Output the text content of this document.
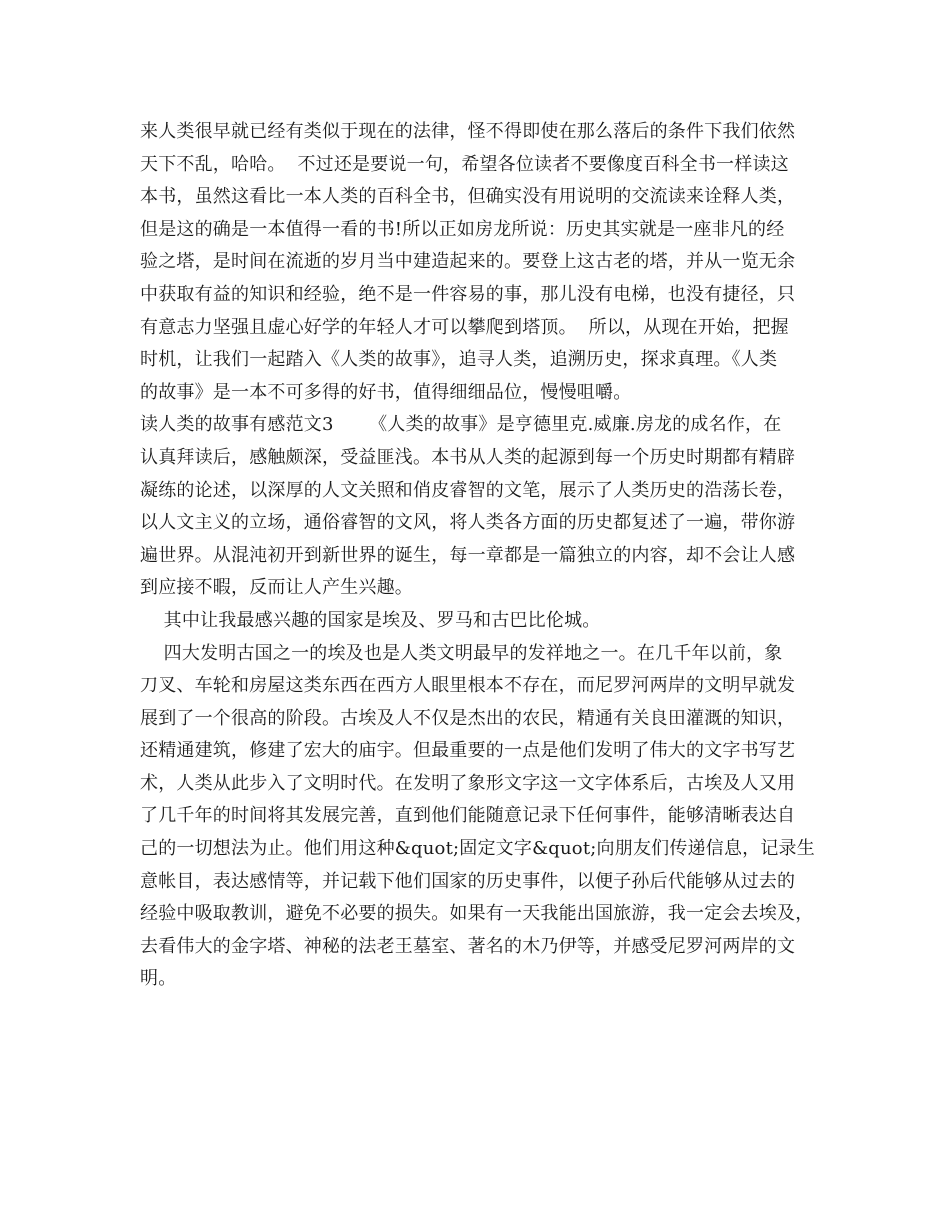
来人类很早就已经有类似于现在的法律，怪不得即使在那么落后的条件下我们依然
天下不乱，哈哈。  不过还是要说一句，希望各位读者不要像度百科全书一样读这
本书，虽然这看比一本人类的百科全书，但确实没有用说明的交流读来诠释人类，
但是这的确是一本值得一看的书!所以正如房龙所说：历史其实就是一座非凡的经
验之塔，是时间在流逝的岁月当中建造起来的。要登上这古老的塔，并从一览无余
中获取有益的知识和经验，绝不是一件容易的事，那儿没有电梯，也没有捷径，只
有意志力坚强且虚心好学的年轻人才可以攀爬到塔顶。  所以，从现在开始，把握
时机，让我们一起踏入《人类的故事》，追寻人类，追溯历史，探求真理。《人类
的故事》是一本不可多得的好书，值得细细品位，慢慢咀嚼。
读人类的故事有感范文3      《人类的故事》是亨德里克.威廉.房龙的成名作，在
认真拜读后，感触颇深，受益匪浅。本书从人类的起源到每一个历史时期都有精辟
凝练的论述，以深厚的人文关照和俏皮睿智的文笔，展示了人类历史的浩荡长卷，
以人文主义的立场，通俗睿智的文风，将人类各方面的历史都复述了一遍，带你游
遍世界。从混沌初开到新世界的诞生，每一章都是一篇独立的内容，却不会让人感
到应接不暇，反而让人产生兴趣。
其中让我最感兴趣的国家是埃及、罗马和古巴比伦城。
四大发明古国之一的埃及也是人类文明最早的发祥地之一。在几千年以前，象
刀叉、车轮和房屋这类东西在西方人眼里根本不存在，而尼罗河两岸的文明早就发
展到了一个很高的阶段。古埃及人不仅是杰出的农民，精通有关良田灌溉的知识，
还精通建筑，修建了宏大的庙宇。但最重要的一点是他们发明了伟大的文字书写艺
术，人类从此步入了文明时代。在发明了象形文字这一文字体系后，古埃及人又用
了几千年的时间将其发展完善，直到他们能随意记录下任何事件，能够清晰表达自
己的一切想法为止。他们用这种&quot;固定文字&quot;向朋友们传递信息，记录生
意帐目，表达感情等，并记载下他们国家的历史事件，以便子孙后代能够从过去的
经验中吸取教训，避免不必要的损失。如果有一天我能出国旅游，我一定会去埃及，
去看伟大的金字塔、神秘的法老王墓室、著名的木乃伊等，并感受尼罗河两岸的文
明。
